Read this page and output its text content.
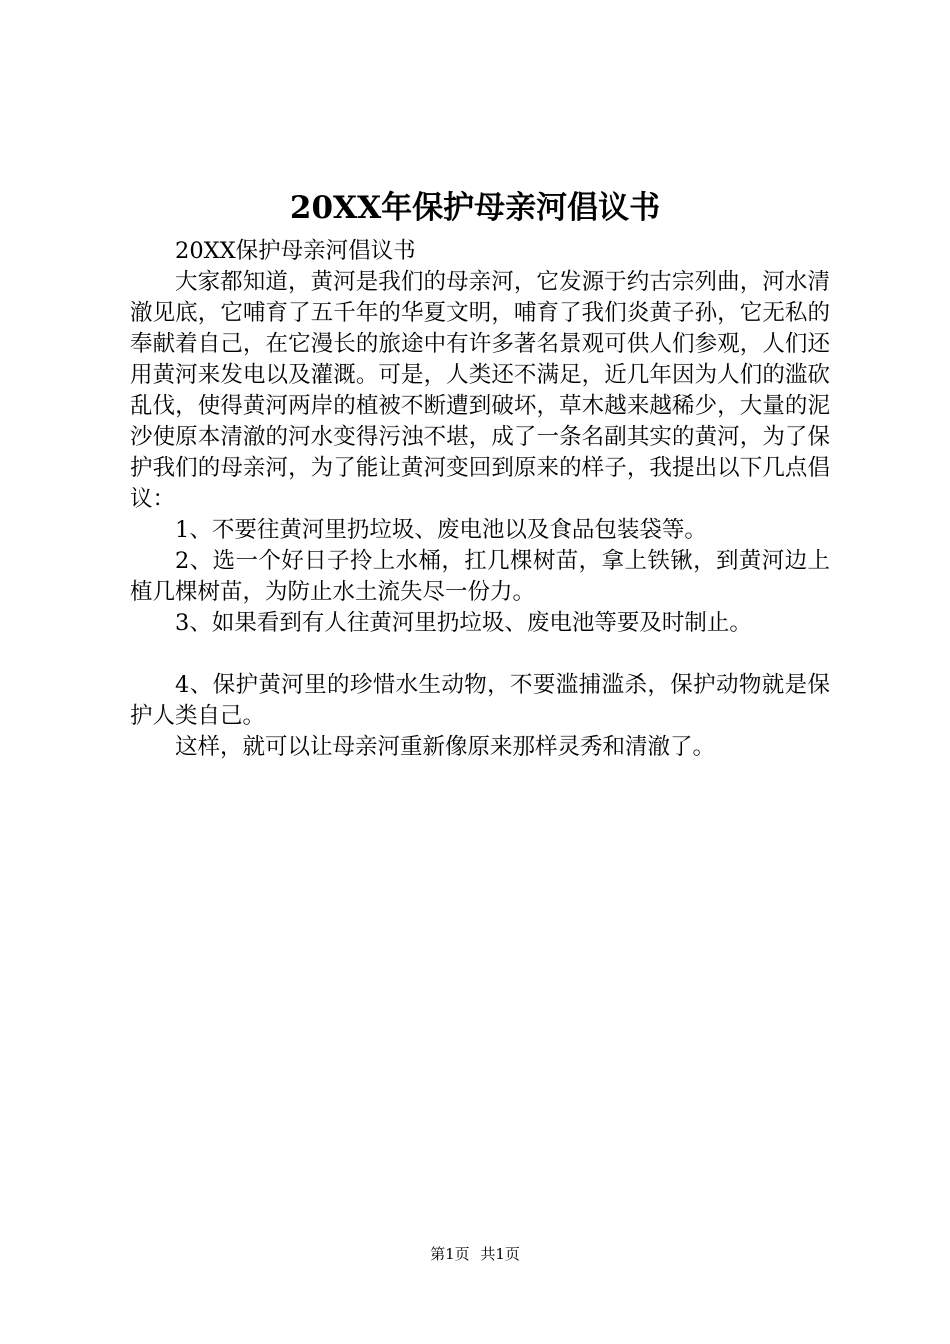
20XX年保护母亲河倡议书

20XX保护母亲河倡议书

大家都知道，黄河是我们的母亲河，它发源于约古宗列曲，河水清澈见底，它哺育了五千年的华夏文明，哺育了我们炎黄子孙，它无私的奉献着自己，在它漫长的旅途中有许多著名景观可供人们参观，人们还用黄河来发电以及灌溉。可是，人类还不满足，近几年因为人们的滥砍乱伐，使得黄河两岸的植被不断遭到破坏，草木越来越稀少，大量的泥沙使原本清澈的河水变得污浊不堪，成了一条名副其实的黄河，为了保护我们的母亲河，为了能让黄河变回到原来的样子，我提出以下几点倡议：

1、不要往黄河里扔垃圾、废电池以及食品包装袋等。

2、选一个好日子拎上水桶，扛几棵树苗，拿上铁锹，到黄河边上植几棵树苗，为防止水土流失尽一份力。

3、如果看到有人往黄河里扔垃圾、废电池等要及时制止。

4、保护黄河里的珍惜水生动物，不要滥捕滥杀，保护动物就是保护人类自己。

这样，就可以让母亲河重新像原来那样灵秀和清澈了。

第1页 共1页
